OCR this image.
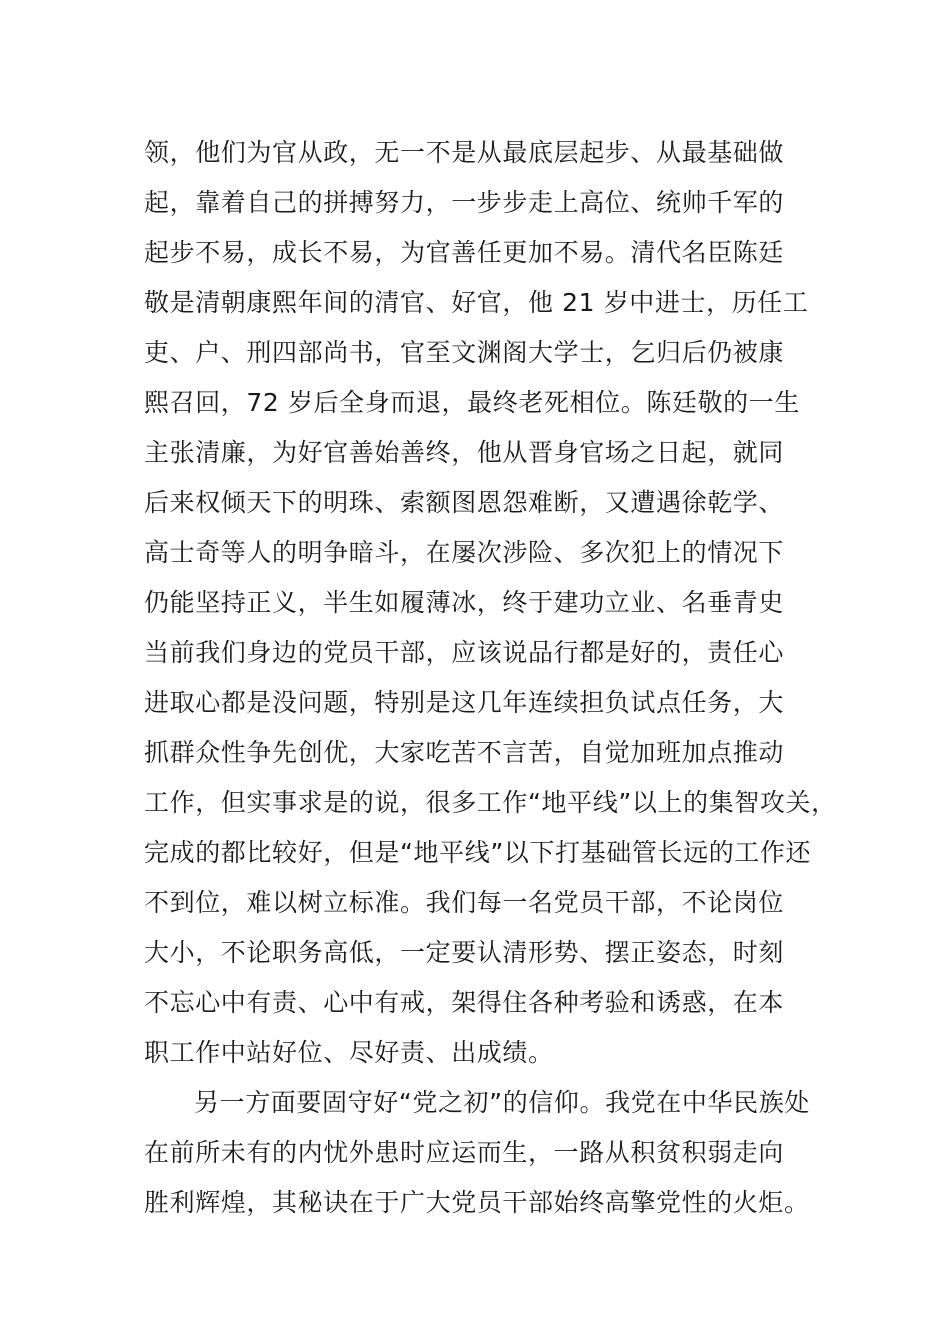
领，他们为官从政，无一不是从最底层起步、从最基础做
起，靠着自己的拼搏努力，一步步走上高位、统帅千军的
起步不易，成长不易，为官善任更加不易。清代名臣陈廷
敬是清朝康熙年间的清官、好官，他 21 岁中进士，历任工
吏、户、刑四部尚书，官至文渊阁大学士，乞归后仍被康
熙召回，72 岁后全身而退，最终老死相位。陈廷敬的一生
主张清廉，为好官善始善终，他从晋身官场之日起，就同
后来权倾天下的明珠、索额图恩怨难断，又遭遇徐乾学、
高士奇等人的明争暗斗，在屡次涉险、多次犯上的情况下
仍能坚持正义，半生如履薄冰，终于建功立业、名垂青史
当前我们身边的党员干部，应该说品行都是好的，责任心
进取心都是没问题，特别是这几年连续担负试点任务，大
抓群众性争先创优，大家吃苦不言苦，自觉加班加点推动
工作，但实事求是的说，很多工作“地平线”以上的集智攻关，
完成的都比较好，但是“地平线”以下打基础管长远的工作还
不到位，难以树立标准。我们每一名党员干部，不论岗位
大小，不论职务高低，一定要认清形势、摆正姿态，时刻
不忘心中有责、心中有戒，架得住各种考验和诱惑，在本
职工作中站好位、尽好责、出成绩。
另一方面要固守好“党之初”的信仰。我党在中华民族处
在前所未有的内忧外患时应运而生，一路从积贫积弱走向
胜利辉煌，其秘诀在于广大党员干部始终高擎党性的火炬。
